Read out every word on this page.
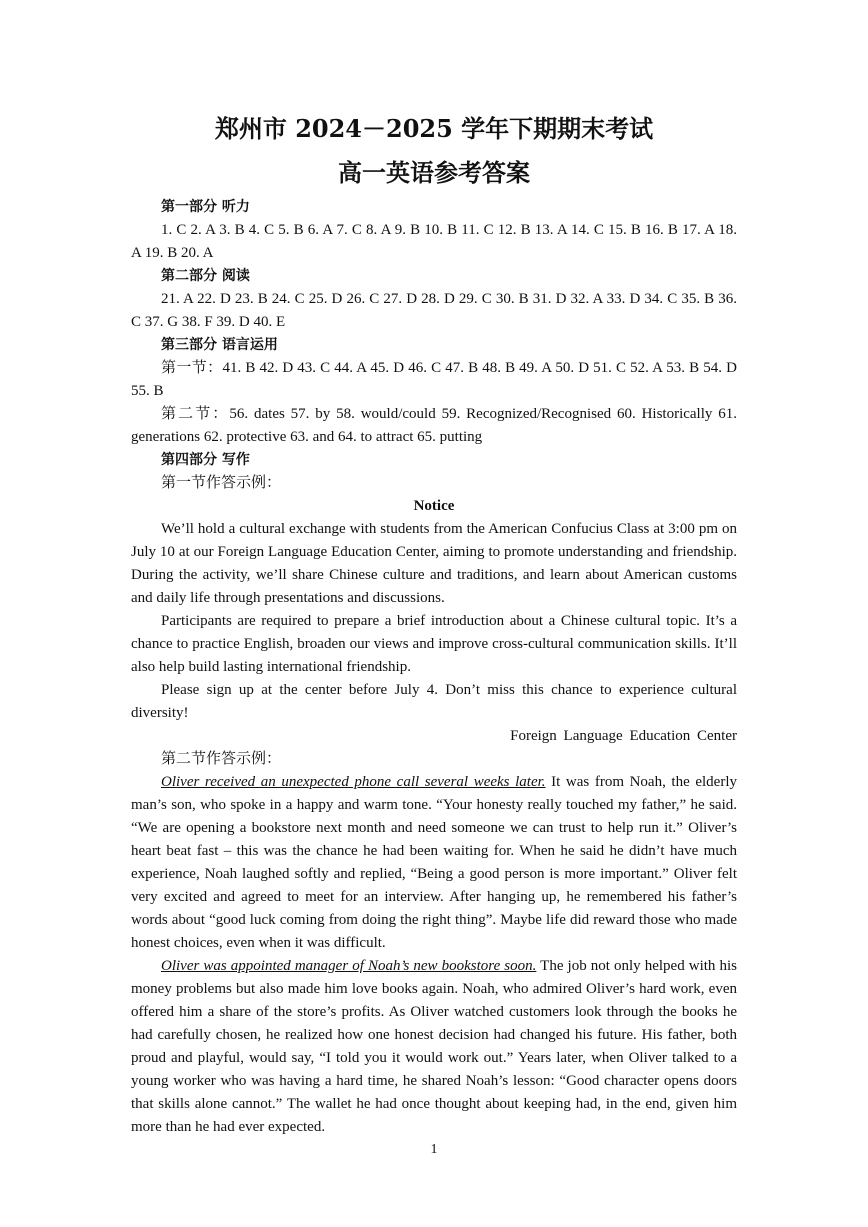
郑州市 2024－2025 学年下期期末考试
高一英语参考答案

第一部分 听力

1. C 2. A 3. B 4. C 5. B 6. A 7. C 8. A 9. B 10. B 11. C 12. B 13. A 14. C 15. B 16. B 17. A 18. A 19. B 20. A

第二部分 阅读

21. A 22. D 23. B 24. C 25. D 26. C 27. D 28. D 29. C 30. B 31. D 32. A 33. D 34. C 35. B 36. C 37. G 38. F 39. D 40. E

第三部分 语言运用

第一节：41. B 42. D 43. C 44. A 45. D 46. C 47. B 48. B 49. A 50. D 51. C 52. A 53. B 54. D 55. B

第二节：56. dates 57. by 58. would/could 59. Recognized/Recognised 60. Historically 61. generations 62. protective 63. and 64. to attract 65. putting

第四部分 写作

第一节作答示例：

Notice

We’ll hold a cultural exchange with students from the American Confucius Class at 3:00 pm on July 10 at our Foreign Language Education Center, aiming to promote understanding and friendship. During the activity, we’ll share Chinese culture and traditions, and learn about American customs and daily life through presentations and discussions.

Participants are required to prepare a brief introduction about a Chinese cultural topic. It’s a chance to practice English, broaden our views and improve cross-cultural communication skills. It’ll also help build lasting international friendship.

Please sign up at the center before July 4. Don’t miss this chance to experience cultural diversity!

Foreign Language Education Center

第二节作答示例：

Oliver received an unexpected phone call several weeks later. It was from Noah, the elderly man’s son, who spoke in a happy and warm tone. “Your honesty really touched my father,” he said. “We are opening a bookstore next month and need someone we can trust to help run it.” Oliver’s heart beat fast – this was the chance he had been waiting for. When he said he didn’t have much experience, Noah laughed softly and replied, “Being a good person is more important.” Oliver felt very excited and agreed to meet for an interview. After hanging up, he remembered his father’s words about “good luck coming from doing the right thing”. Maybe life did reward those who made honest choices, even when it was difficult.

Oliver was appointed manager of Noah’s new bookstore soon. The job not only helped with his money problems but also made him love books again. Noah, who admired Oliver’s hard work, even offered him a share of the store’s profits. As Oliver watched customers look through the books he had carefully chosen, he realized how one honest decision had changed his future. His father, both proud and playful, would say, “I told you it would work out.” Years later, when Oliver talked to a young worker who was having a hard time, he shared Noah’s lesson: “Good character opens doors that skills alone cannot.” The wallet he had once thought about keeping had, in the end, given him more than he had ever expected.

1
